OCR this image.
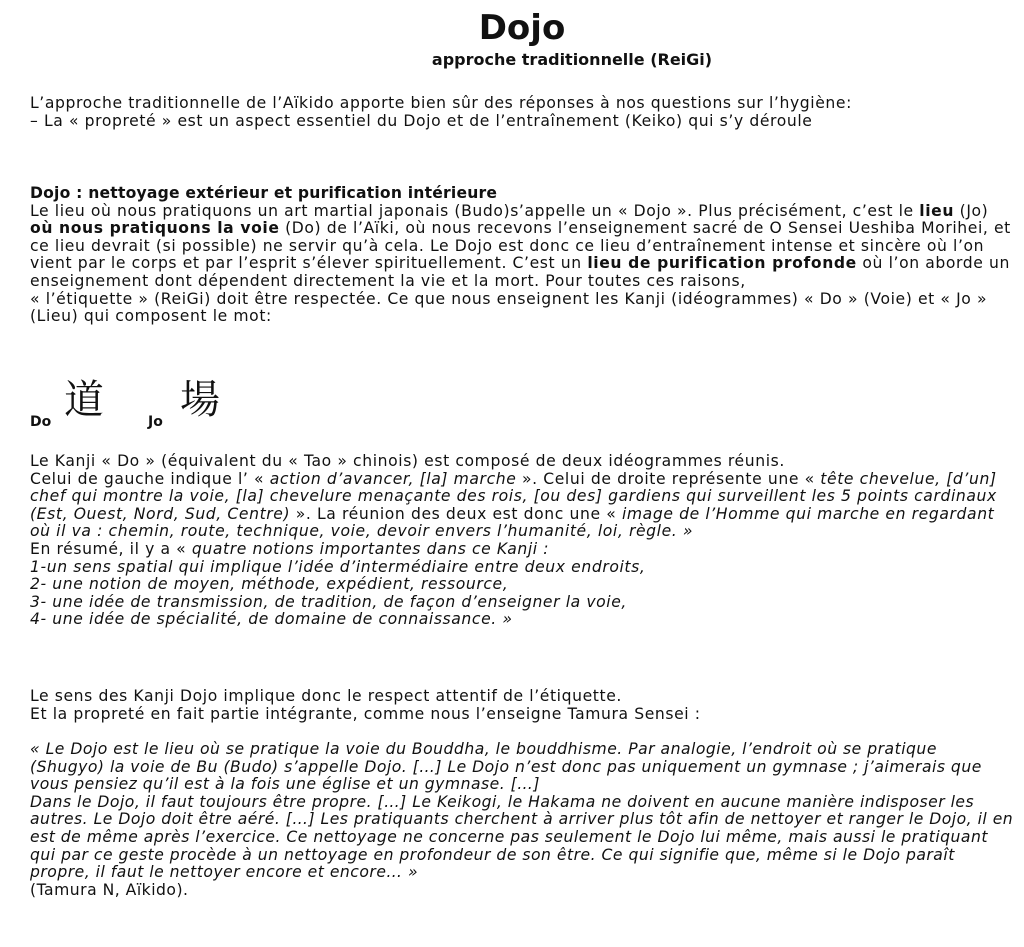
Dojo
approche traditionnelle (ReiGi)

L’approche traditionnelle de l’Aïkido apporte bien sûr des réponses à nos questions sur l’hygiène:

– La « propreté » est un aspect essentiel du Dojo et de l’entraînement (Keiko) qui s’y déroule

Dojo : nettoyage extérieur et purification intérieure

Le lieu où nous pratiquons un art martial japonais (Budo)s’appelle un « Dojo ». Plus précisément, c’est le lieu (Jo) où nous pratiquons la voie (Do) de l’Aïki, où nous recevons l’enseignement sacré de O Sensei Ueshiba Morihei, et ce lieu devrait (si possible) ne servir qu’à cela. Le Dojo est donc ce lieu d’entraînement intense et sincère où l’on vient par le corps et par l’esprit s’élever spirituellement. C’est un lieu de purification profonde où l’on aborde un enseignement dont dépendent directement la vie et la mort. Pour toutes ces raisons,

« l’étiquette » (ReiGi) doit être respectée. Ce que nous enseignent les Kanji (idéogrammes) « Do » (Voie) et « Jo » (Lieu) qui composent le mot:

Do 道	Jo 場

Le Kanji « Do » (équivalent du « Tao » chinois) est composé de deux idéogrammes réunis.

Celui de gauche indique l’ « action d’avancer, [la] marche ». Celui de droite représente une « tête chevelue, [d’un] chef qui montre la voie, [la] chevelure menaçante des rois, [ou des] gardiens qui surveillent les 5 points cardinaux (Est, Ouest, Nord, Sud, Centre) ». La réunion des deux est donc une « image de l’Homme qui marche en regardant où il va : chemin, route, technique, voie, devoir envers l’humanité, loi, règle. »

En résumé, il y a « quatre notions importantes dans ce Kanji :

1-un sens spatial qui implique l’idée d’intermédiaire entre deux endroits,

2- une notion de moyen, méthode, expédient, ressource,

3- une idée de transmission, de tradition, de façon d’enseigner la voie,

4- une idée de spécialité, de domaine de connaissance. »

Le sens des Kanji Dojo implique donc le respect attentif de l’étiquette.

Et la propreté en fait partie intégrante, comme nous l’enseigne Tamura Sensei :

« Le Dojo est le lieu où se pratique la voie du Bouddha, le bouddhisme. Par analogie, l’endroit où se pratique (Shugyo) la voie de Bu (Budo) s’appelle Dojo. […] Le Dojo n’est donc pas uniquement un gymnase ; j’aimerais que vous pensiez qu’il est à la fois une église et un gymnase. […]

Dans le Dojo, il faut toujours être propre. […] Le Keikogi, le Hakama ne doivent en aucune manière indisposer les autres. Le Dojo doit être aéré. […] Les pratiquants cherchent à arriver plus tôt afin de nettoyer et ranger le Dojo, il en est de même après l’exercice. Ce nettoyage ne concerne pas seulement le Dojo lui même, mais aussi le pratiquant qui par ce geste procède à un nettoyage en profondeur de son être. Ce qui signifie que, même si le Dojo paraît propre, il faut le nettoyer encore et encore… »

(Tamura N, Aïkido).
